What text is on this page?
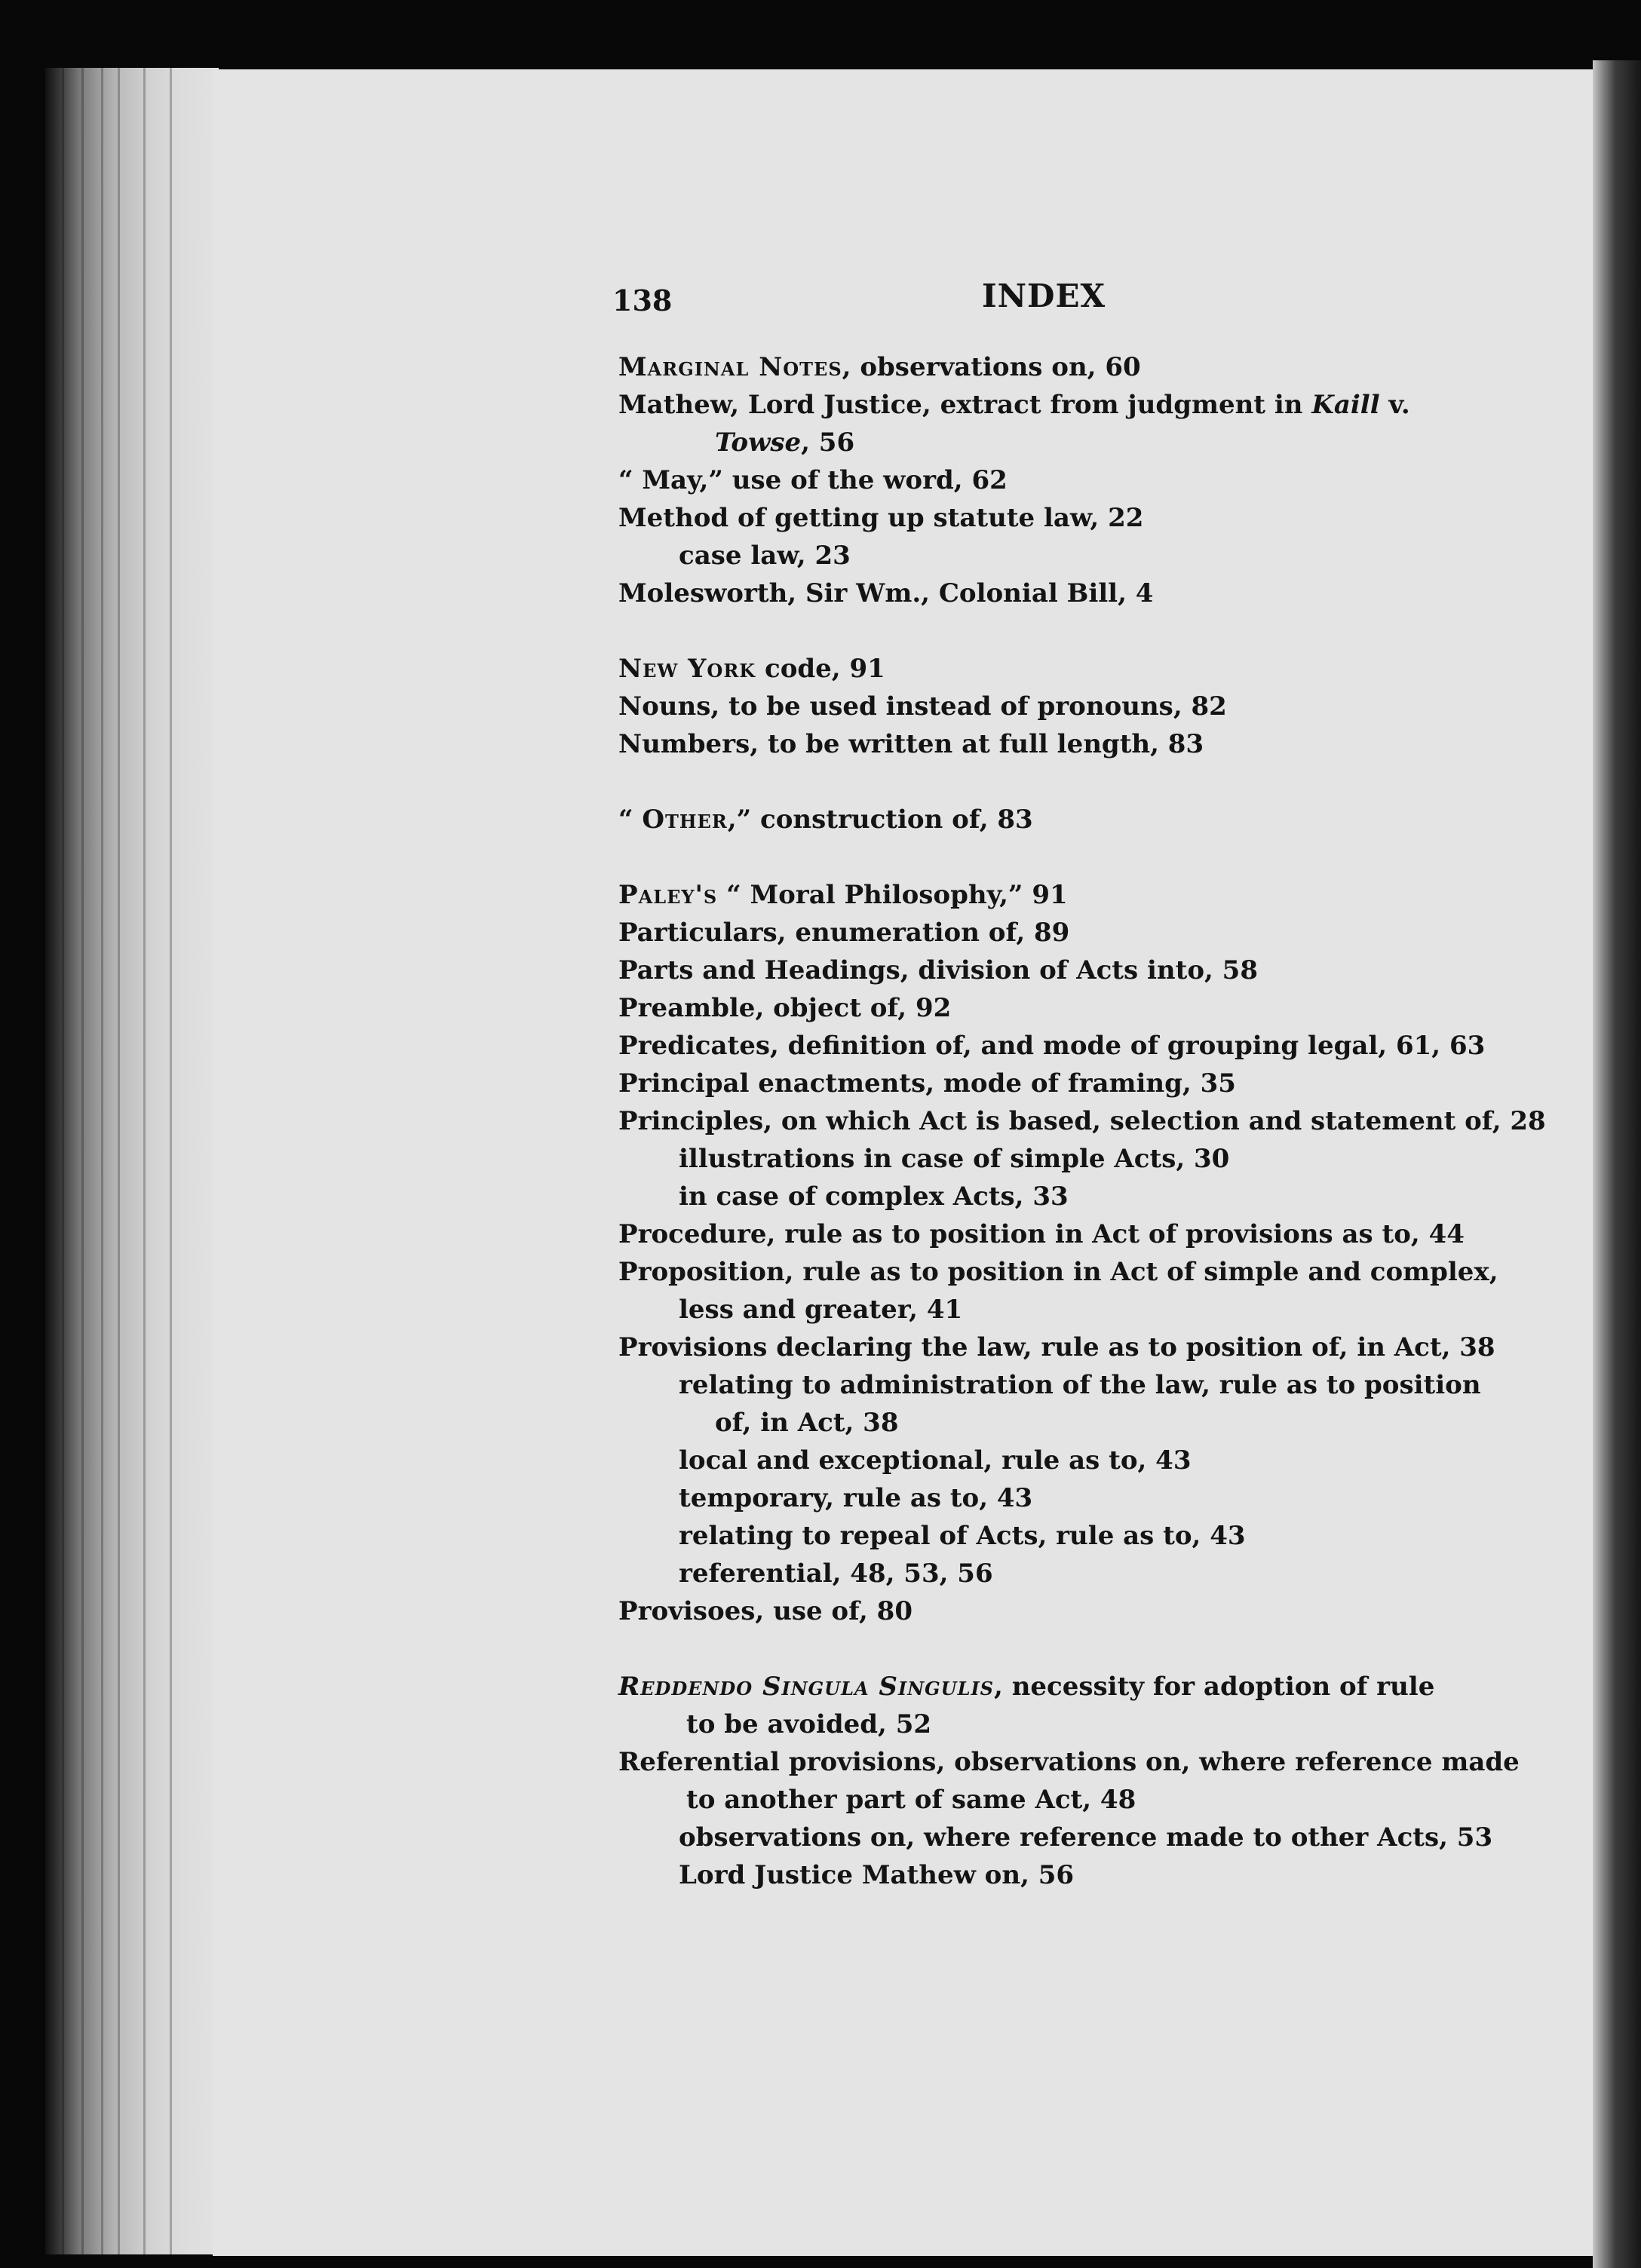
138	INDEX
Marginal Notes, observations on, 60
Mathew, Lord Justice, extract from judgment in Kaill v.
Towse, 56
“ May,” use of the word, 62
Method of getting up statute law, 22
case law, 23
Molesworth, Sir Wm., Colonial Bill, 4
New York code, 91
Nouns, to be used instead of pronouns, 82
Numbers, to be written at full length, 83
“ Other,” construction of, 83
Paley's “ Moral Philosophy,” 91
Particulars, enumeration of, 89
Parts and Headings, division of Acts into, 58
Preamble, object of, 92
Predicates, definition of, and mode of grouping legal, 61, 63
Principal enactments, mode of framing, 35
Principles, on which Act is based, selection and statement of, 28
illustrations in case of simple Acts, 30
in case of complex Acts, 33
Procedure, rule as to position in Act of provisions as to, 44
Proposition, rule as to position in Act of simple and complex,
less and greater, 41
Provisions declaring the law, rule as to position of, in Act, 38
relating to administration of the law, rule as to position
of, in Act, 38
local and exceptional, rule as to, 43
temporary, rule as to, 43
relating to repeal of Acts, rule as to, 43
referential, 48, 53, 56
Provisoes, use of, 80
Reddendo Singula Singulis, necessity for adoption of rule
to be avoided, 52
Referential provisions, observations on, where reference made
to another part of same Act, 48
observations on, where reference made to other Acts, 53
Lord Justice Mathew on, 56
